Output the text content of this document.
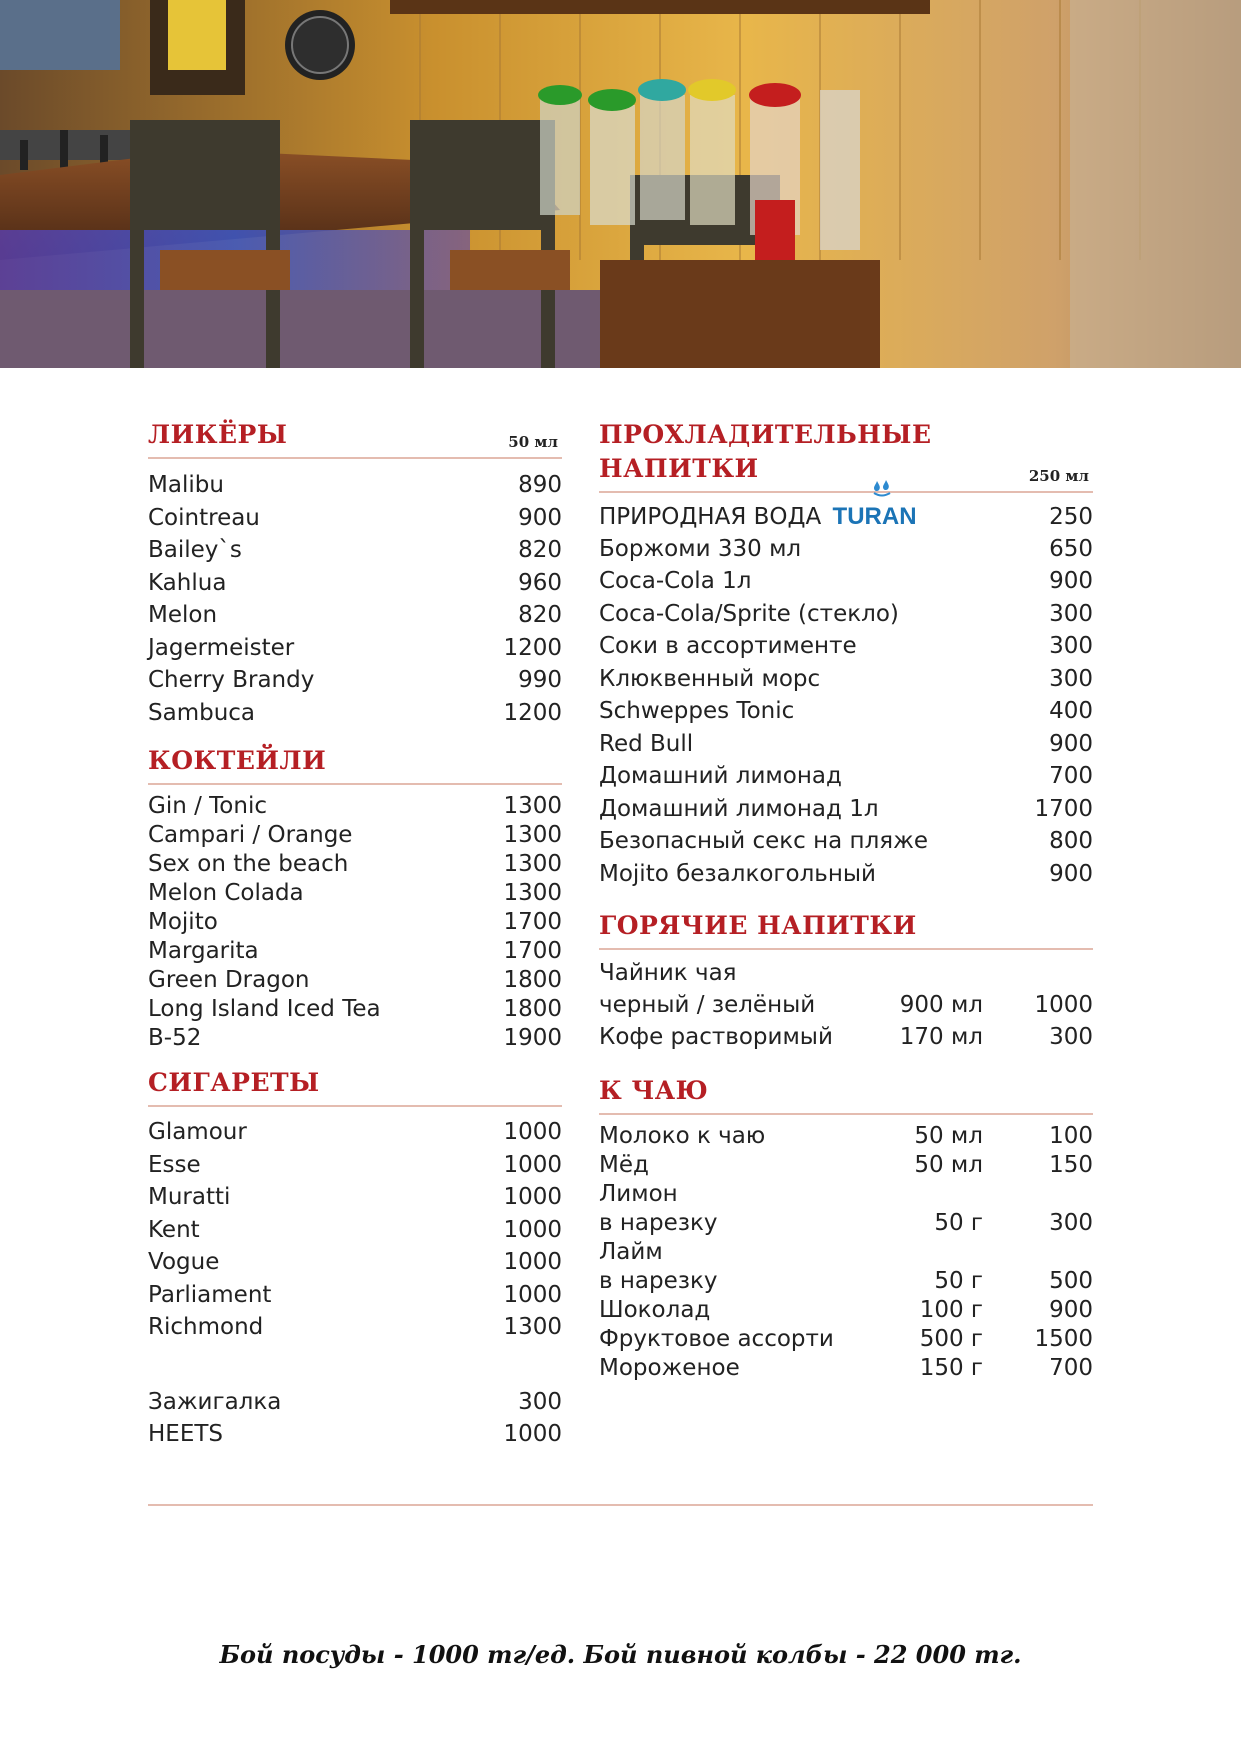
ЛИКЁРЫ	50 мл
Malibu	890
Cointreau	900
Bailey`s	820
Kahlua	960
Melon	820
Jagermeister	1200
Cherry Brandy	990
Sambuca	1200
КОКТЕЙЛИ
Gin / Tonic	1300
Campari / Orange	1300
Sex on the beach	1300
Melon Colada	1300
Mojito	1700
Margarita	1700
Green Dragon	1800
Long Island Iced Tea	1800
B-52	1900
СИГАРЕТЫ
Glamour	1000
Esse	1000
Muratti	1000
Kent	1000
Vogue	1000
Parliament	1000
Richmond	1300
Зажигалка	300
HEETS	1000
ПРОХЛАДИТЕЛЬНЫЕ
НАПИТКИ	250 мл
ПРИРОДНАЯ ВОДА TURAN	250
Боржоми 330 мл	650
Coca-Cola 1л	900
Coca-Cola/Sprite (стекло)	300
Соки в ассортименте	300
Клюквенный морс	300
Schweppes Tonic	400
Red Bull	900
Домашний лимонад	700
Домашний лимонад 1л	1700
Безопасный секс на пляже	800
Mojito безалкогольный	900
ГОРЯЧИЕ НАПИТКИ
Чайник чая
черный / зелёный	900 мл	1000
Кофе растворимый	170 мл	300
К ЧАЮ
Молоко к чаю	50 мл	100
Мёд	50 мл	150
Лимон
в нарезку	50 г	300
Лайм
в нарезку	50 г	500
Шоколад	100 г	900
Фруктовое ассорти	500 г	1500
Мороженое	150 г	700
Бой посуды - 1000 тг/ед. Бой пивной колбы - 22 000 тг.
